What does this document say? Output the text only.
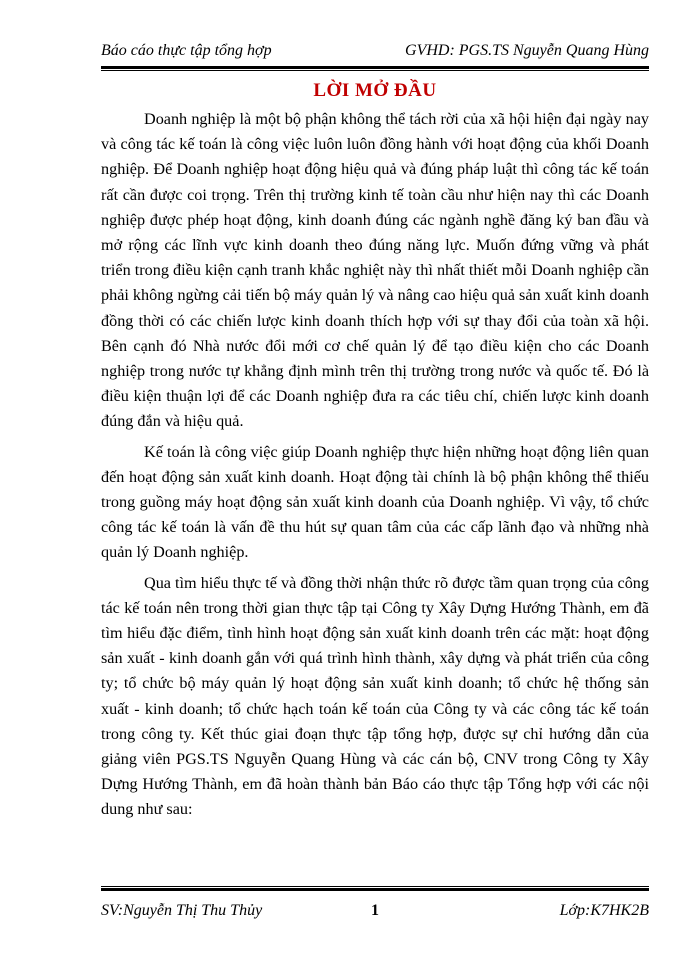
Báo cáo thực tập tổng hợp	GVHD: PGS.TS Nguyễn Quang Hùng
LỜI MỞ ĐẦU

Doanh nghiệp là một bộ phận không thể tách rời của xã hội hiện đại ngày nay và công tác kế toán là công việc luôn luôn đồng hành với hoạt động của khối Doanh nghiệp. Để Doanh nghiệp hoạt động hiệu quả và đúng pháp luật thì công tác kế toán rất cần được coi trọng. Trên thị trường kinh tế toàn cầu như hiện nay thì các Doanh nghiệp được phép hoạt động, kinh doanh đúng các ngành nghề đăng ký ban đầu và mở rộng các lĩnh vực kinh doanh theo đúng năng lực. Muốn đứng vững và phát triển trong điều kiện cạnh tranh khắc nghiệt này thì nhất thiết mỗi Doanh nghiệp cần phải không ngừng cải tiến bộ máy quản lý và nâng cao hiệu quả sản xuất kinh doanh đồng thời có các chiến lược kinh doanh thích hợp với sự thay đổi của toàn xã hội. Bên cạnh đó Nhà nước đổi mới cơ chế quản lý để tạo điều kiện cho các Doanh nghiệp trong nước tự khẳng định mình trên thị trường trong nước và quốc tế. Đó là điều kiện thuận lợi để các Doanh nghiệp đưa ra các tiêu chí, chiến lược kinh doanh đúng đắn và hiệu quả.

Kế toán là công việc giúp Doanh nghiệp thực hiện những hoạt động liên quan đến hoạt động sản xuất kinh doanh. Hoạt động tài chính là bộ phận không thể thiếu trong guồng máy hoạt động sản xuất kinh doanh của Doanh nghiệp. Vì vậy, tổ chức công tác kế toán là vấn đề thu hút sự quan tâm của các cấp lãnh đạo và những nhà quản lý Doanh nghiệp.

Qua tìm hiểu thực tế và đồng thời nhận thức rõ được tầm quan trọng của công tác kế toán nên trong thời gian thực tập tại Công ty Xây Dựng Hướng Thành, em đã tìm hiểu đặc điểm, tình hình hoạt động sản xuất kinh doanh trên các mặt: hoạt động sản xuất - kinh doanh gắn với quá trình hình thành, xây dựng và phát triển của công ty; tổ chức bộ máy quản lý hoạt động sản xuất kinh doanh; tổ chức hệ thống sản xuất - kinh doanh; tổ chức hạch toán kế toán của Công ty và các công tác kế toán trong công ty. Kết thúc giai đoạn thực tập tổng hợp, được sự chỉ hướng dẫn của giảng viên PGS.TS Nguyễn Quang Hùng và các cán bộ, CNV trong Công ty Xây Dựng Hướng Thành, em đã hoàn thành bản Báo cáo thực tập Tổng hợp với các nội dung như sau:

SV:Nguyễn Thị Thu Thủy	1	Lớp:K7HK2B
